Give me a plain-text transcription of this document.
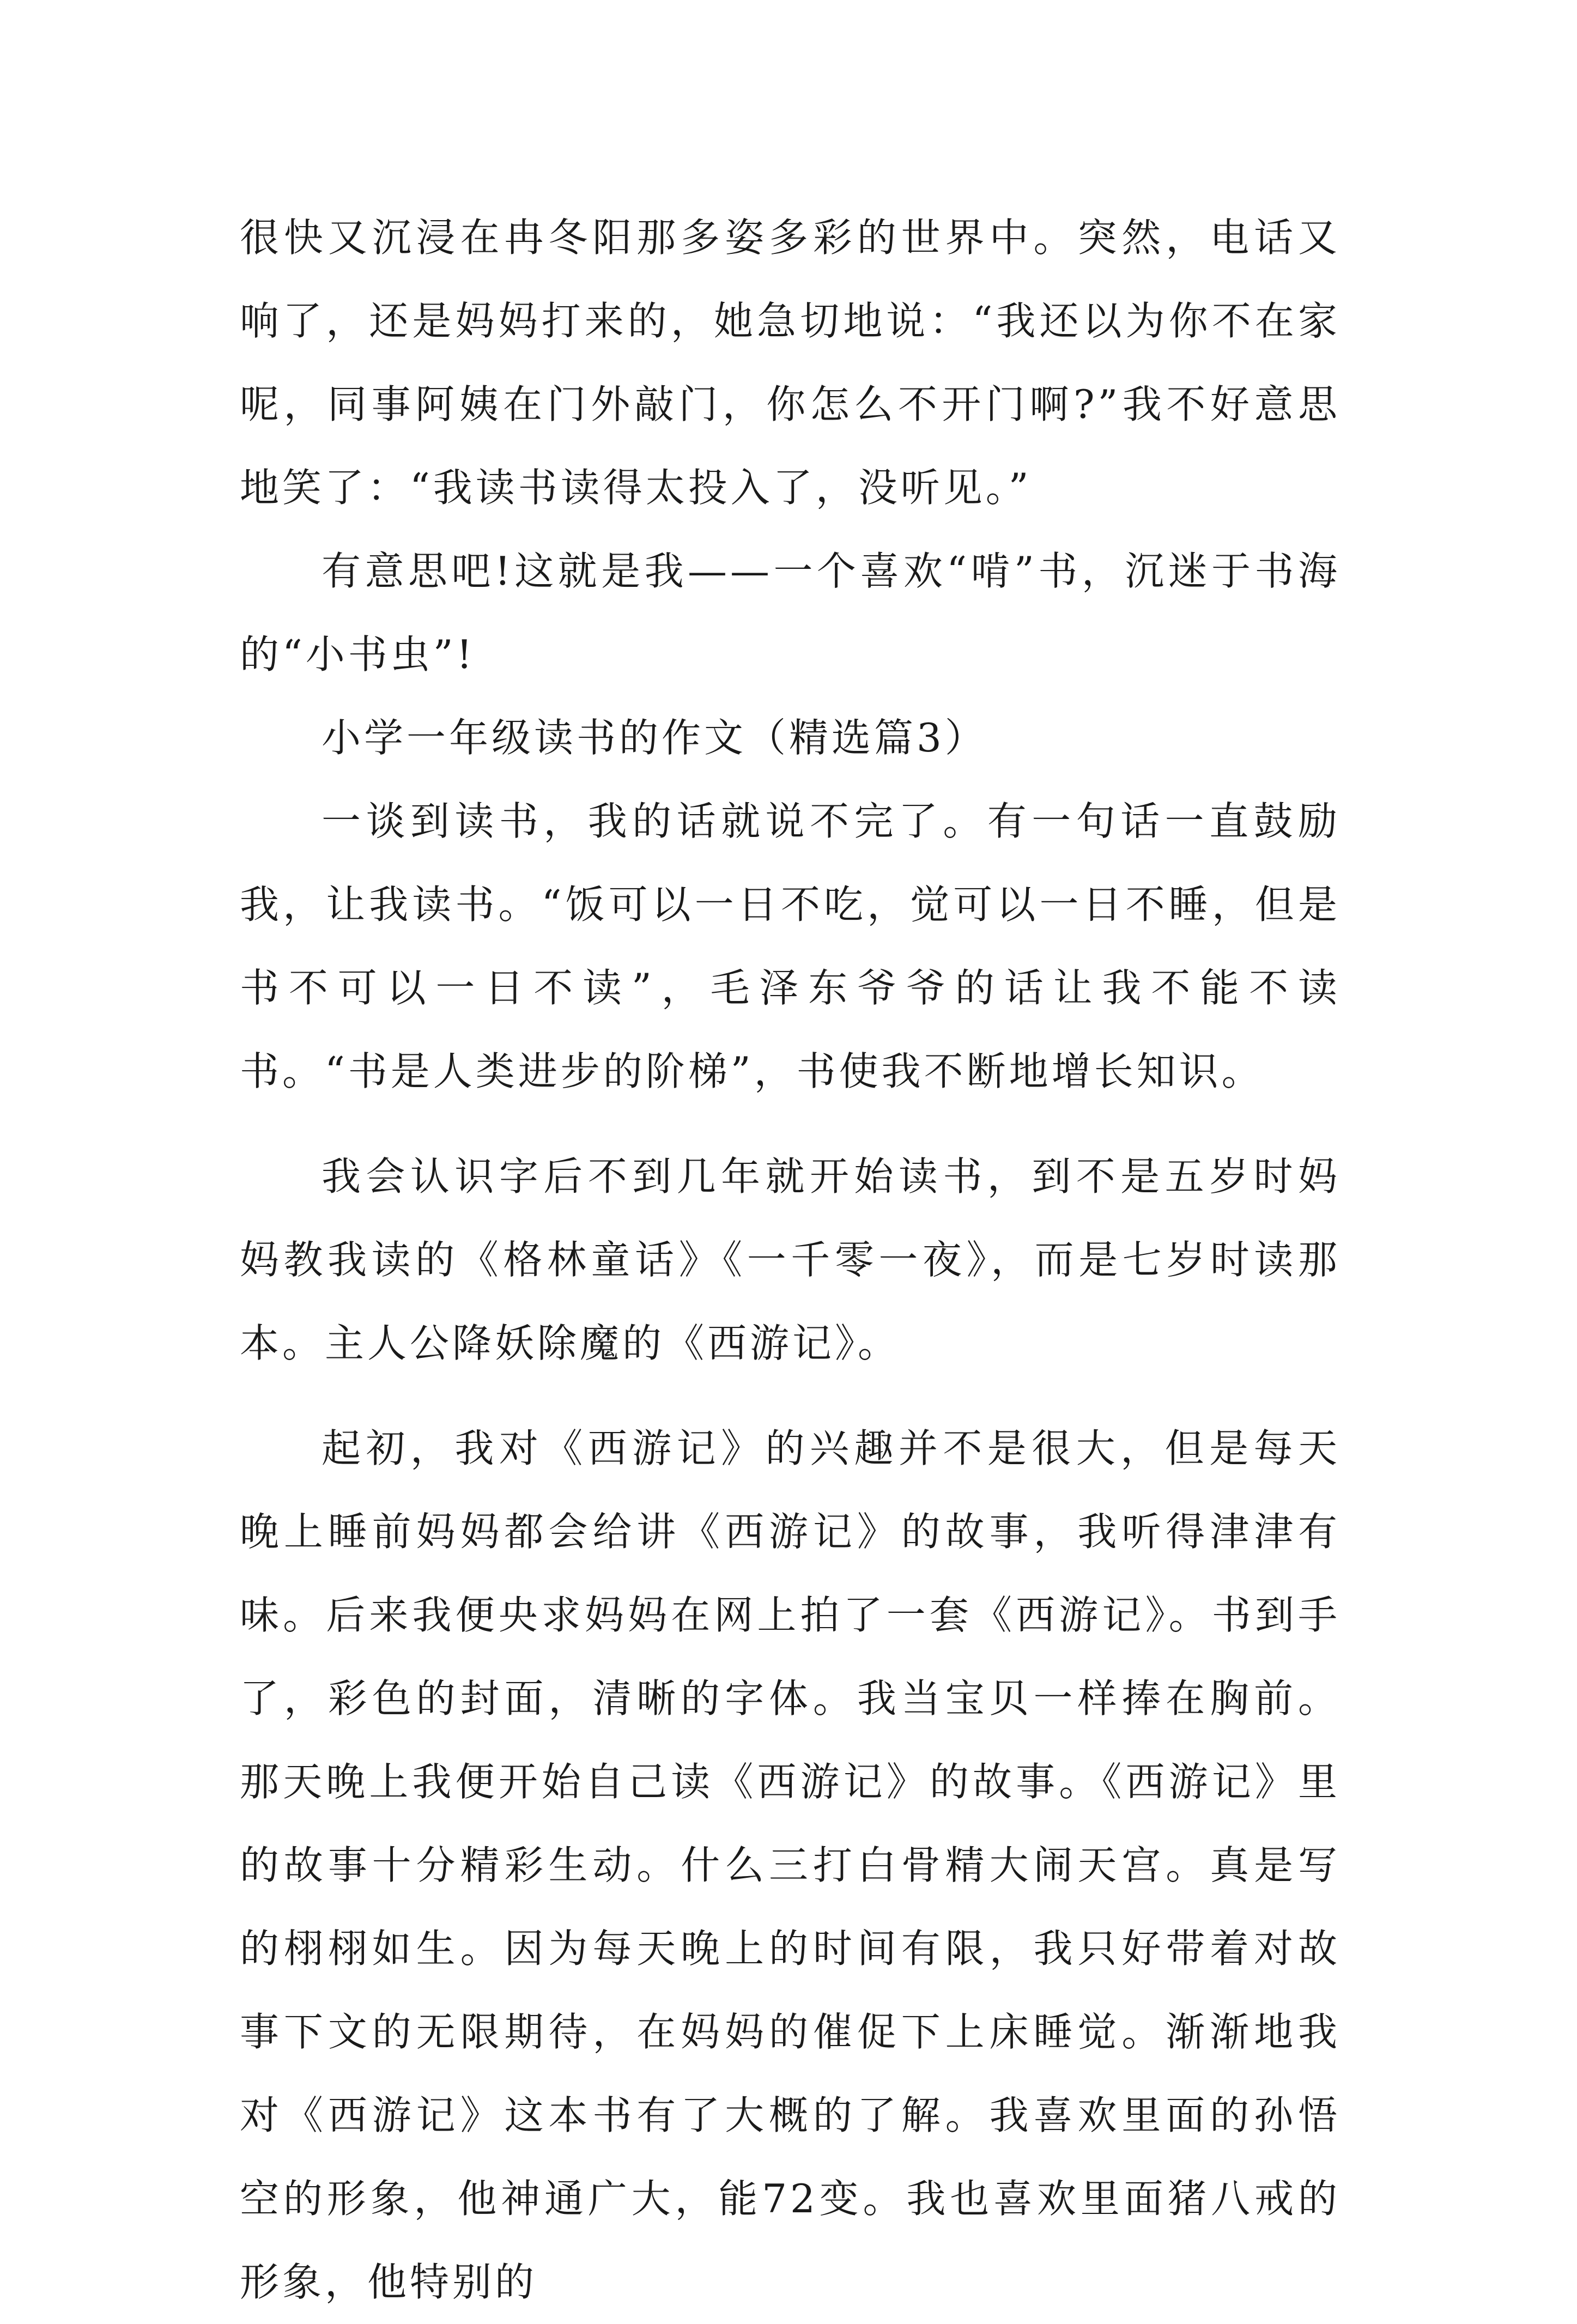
很快又沉浸在冉冬阳那多姿多彩的世界中。突然，电话又响了，还是妈妈打来的，她急切地说：“我还以为你不在家呢，同事阿姨在门外敲门，你怎么不开门啊?”我不好意思地笑了：“我读书读得太投入了，没听见。”

有意思吧!这就是我——一个喜欢“啃”书，沉迷于书海的“小书虫”!

小学一年级读书的作文（精选篇3）

一谈到读书，我的话就说不完了。有一句话一直鼓励我，让我读书。“饭可以一日不吃，觉可以一日不睡，但是书不可以一日不读”，毛泽东爷爷的话让我不能不读书。“书是人类进步的阶梯”，书使我不断地增长知识。

我会认识字后不到几年就开始读书，到不是五岁时妈妈教我读的《格林童话》《一千零一夜》，而是七岁时读那本。主人公降妖除魔的《西游记》。

起初，我对《西游记》的兴趣并不是很大，但是每天晚上睡前妈妈都会给讲《西游记》的故事，我听得津津有味。后来我便央求妈妈在网上拍了一套《西游记》。书到手了，彩色的封面，清晰的字体。我当宝贝一样捧在胸前。那天晚上我便开始自己读《西游记》的故事。《西游记》里的故事十分精彩生动。什么三打白骨精大闹天宫。真是写的栩栩如生。因为每天晚上的时间有限，我只好带着对故事下文的无限期待，在妈妈的催促下上床睡觉。渐渐地我对《西游记》这本书有了大概的了解。我喜欢里面的孙悟空的形象，他神通广大，能72变。我也喜欢里面猪八戒的形象，他特别的
